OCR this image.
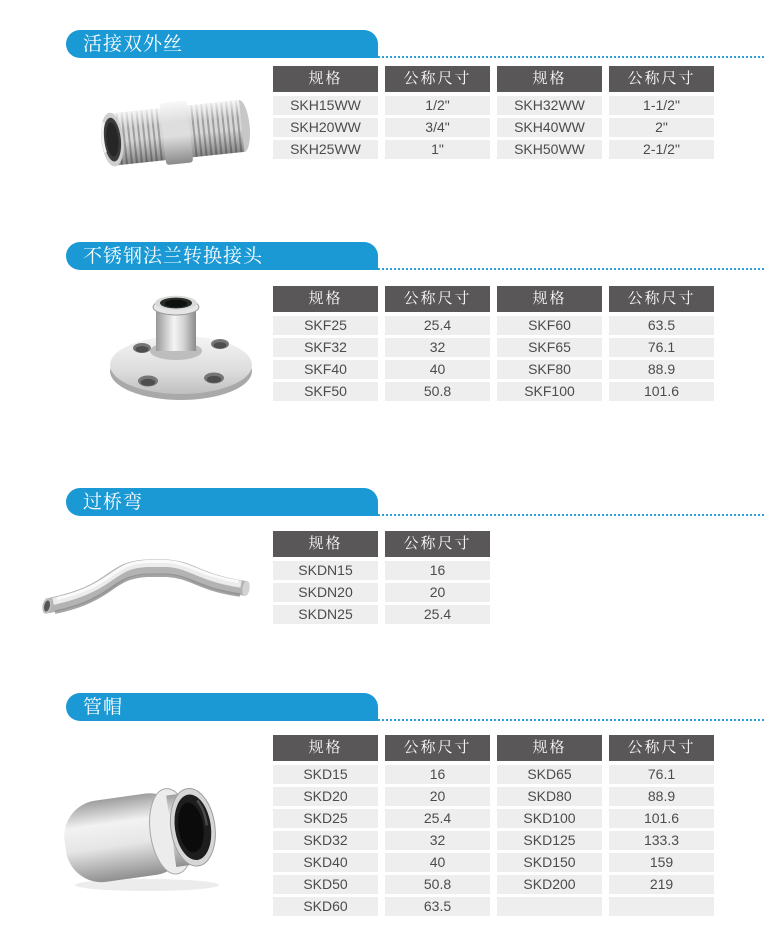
活接双外丝
规格	公称尺寸	规格	公称尺寸
SKH15WW	1/2"	SKH32WW	1-1/2"
SKH20WW	3/4"	SKH40WW	2"
SKH25WW	1"	SKH50WW	2-1/2"
不锈钢法兰转换接头
规格	公称尺寸	规格	公称尺寸
SKF25	25.4	SKF60	63.5
SKF32	32	SKF65	76.1
SKF40	40	SKF80	88.9
SKF50	50.8	SKF100	101.6
过桥弯
规格	公称尺寸
SKDN15	16
SKDN20	20
SKDN25	25.4
管帽
规格	公称尺寸	规格	公称尺寸
SKD15	16	SKD65	76.1
SKD20	20	SKD80	88.9
SKD25	25.4	SKD100	101.6
SKD32	32	SKD125	133.3
SKD40	40	SKD150	159
SKD50	50.8	SKD200	219
SKD60	63.5
